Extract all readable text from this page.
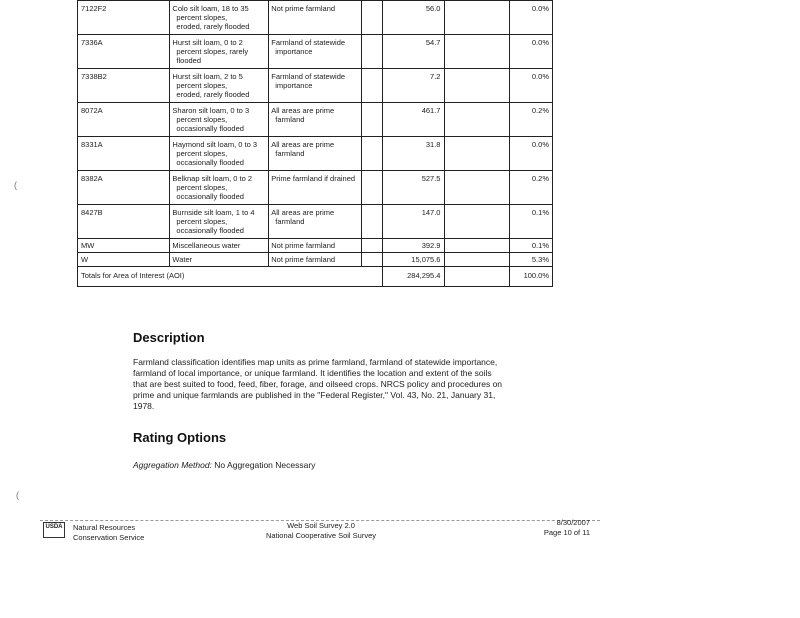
7122F2	Colo silt loam, 18 to 35
percent slopes,
eroded, rarely flooded	Not prime farmland		56.0		0.0%
7336A	Hurst silt loam, 0 to 2
percent slopes, rarely
flooded	Farmland of statewide
importance		54.7		0.0%
7338B2	Hurst silt loam, 2 to 5
percent slopes,
eroded, rarely flooded	Farmland of statewide
importance		7.2		0.0%
8072A	Sharon silt loam, 0 to 3
percent slopes,
occasionally flooded	All areas are prime
farmland		461.7		0.2%
8331A	Haymond silt loam, 0 to 3
percent slopes,
occasionally flooded	All areas are prime
farmland		31.8		0.0%
8382A	Belknap silt loam, 0 to 2
percent slopes,
occasionally flooded	Prime farmland if drained		527.5		0.2%
8427B	Burnside silt loam, 1 to 4
percent slopes,
occasionally flooded	All areas are prime
farmland		147.0		0.1%
MW	Miscellaneous water	Not prime farmland		392.9		0.1%
W	Water	Not prime farmland		15,075.6		5.3%
Totals for Area of Interest (AOI)				284,295.4		100.0%
Description

Farmland classification identifies map units as prime farmland, farmland of statewide importance, farmland of local importance, or unique farmland. It identifies the location and extent of the soils that are best suited to food, feed, fiber, forage, and oilseed crops. NRCS policy and procedures on prime and unique farmlands are published in the "Federal Register," Vol. 43, No. 21, January 31, 1978.

Rating Options
Aggregation Method: No Aggregation Necessary
(
(
USDA	Natural Resources
Conservation Service
Web Soil Survey 2.0
National Cooperative Soil Survey
8/30/2007
Page 10 of 11
